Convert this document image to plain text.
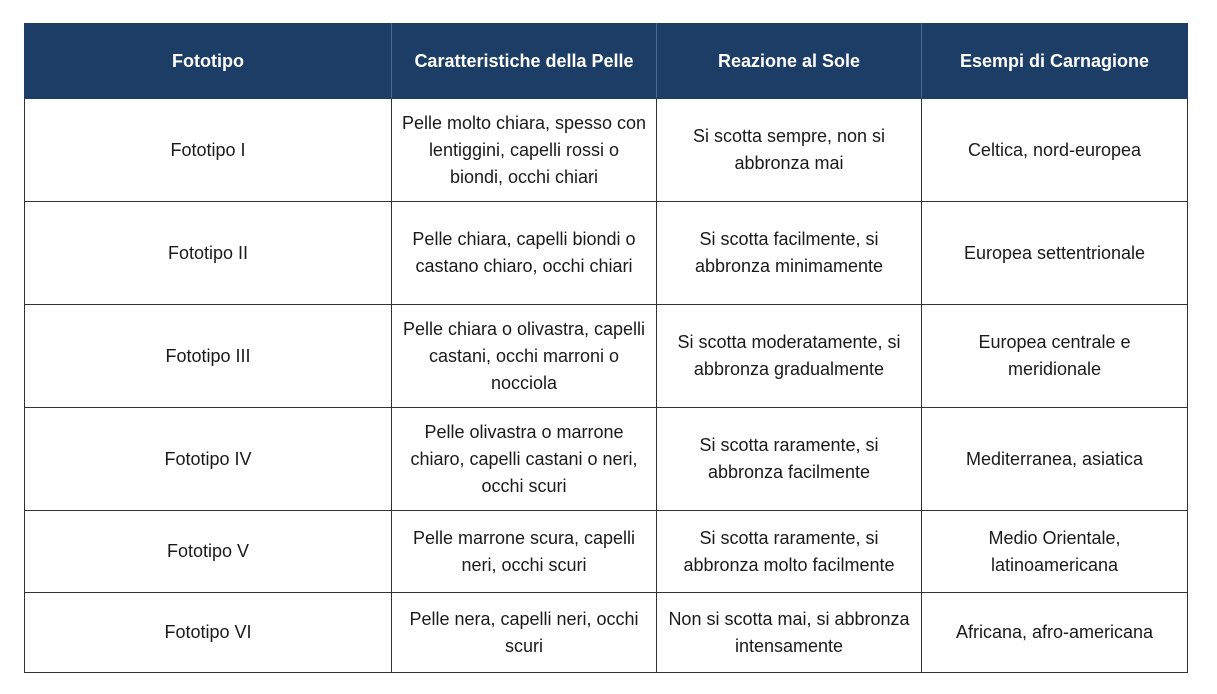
Fototipo	Caratteristiche della Pelle	Reazione al Sole	Esempi di Carnagione
Fototipo I	Pelle molto chiara, spesso con lentiggini, capelli rossi o biondi, occhi chiari	Si scotta sempre, non si abbronza mai	Celtica, nord-europea
Fototipo II	Pelle chiara, capelli biondi o castano chiaro, occhi chiari	Si scotta facilmente, si abbronza minimamente	Europea settentrionale
Fototipo III	Pelle chiara o olivastra, capelli castani, occhi marroni o nocciola	Si scotta moderatamente, si abbronza gradualmente	Europea centrale e meridionale
Fototipo IV	Pelle olivastra o marrone chiaro, capelli castani o neri, occhi scuri	Si scotta raramente, si abbronza facilmente	Mediterranea, asiatica
Fototipo V	Pelle marrone scura, capelli neri, occhi scuri	Si scotta raramente, si abbronza molto facilmente	Medio Orientale, latinoamericana
Fototipo VI	Pelle nera, capelli neri, occhi scuri	Non si scotta mai, si abbronza intensamente	Africana, afro-americana
